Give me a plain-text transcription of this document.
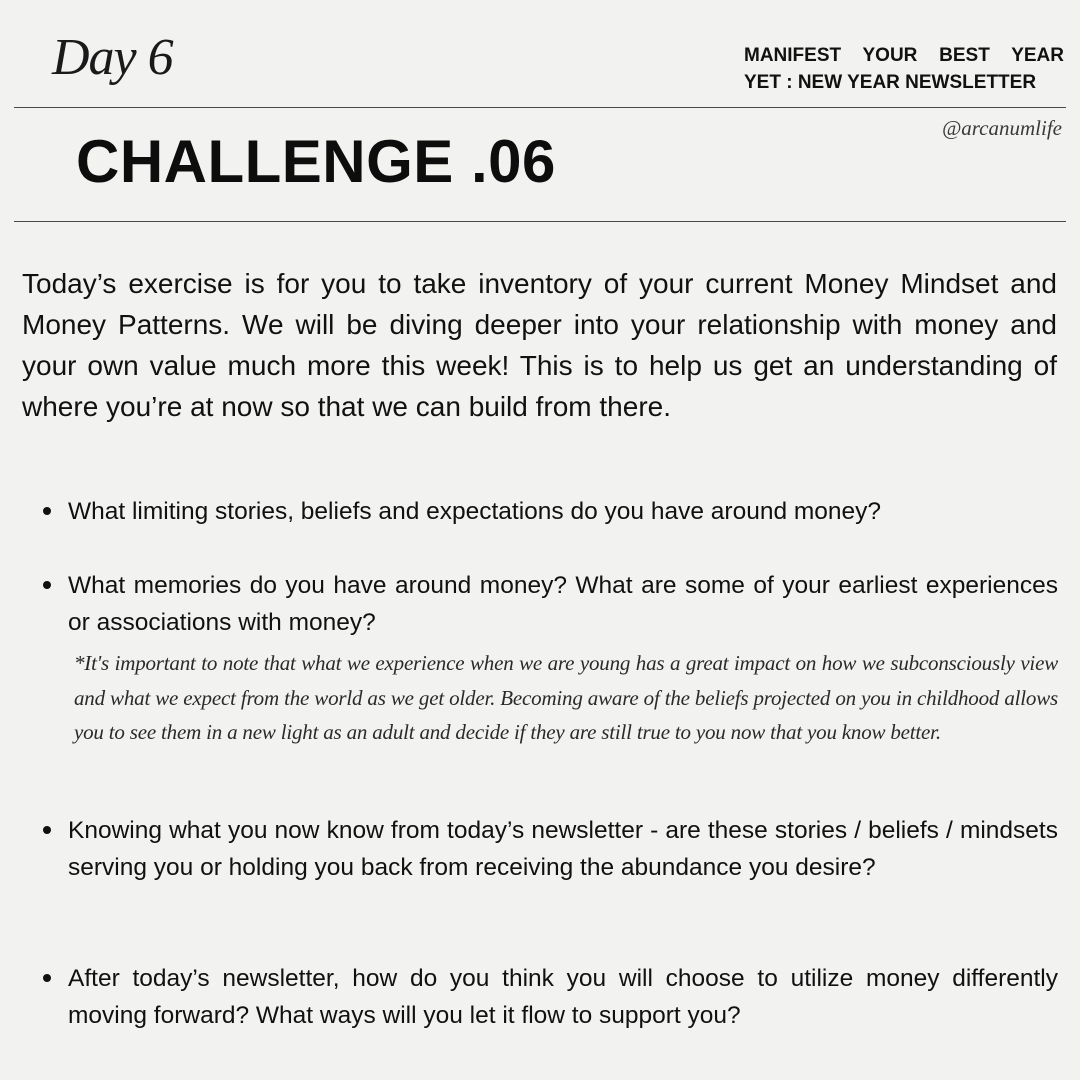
Day 6	MANIFEST YOUR BEST YEAR
YET : NEW YEAR NEWSLETTER
@arcanumlife
CHALLENGE .06

Today’s exercise is for you to take inventory of your current Money Mindset and Money Patterns. We will be diving deeper into your relationship with money and your own value much more this week! This is to help us get an understanding of where you’re at now so that we can build from there.

What limiting stories, beliefs and expectations do you have around money?
What memories do you have around money? What are some of your earliest experiences or associations with money?
Knowing what you now know from today’s newsletter - are these stories / beliefs / mindsets serving you or holding you back from receiving the abundance you desire?
After today’s newsletter, how do you think you will choose to utilize money differently moving forward? What ways will you let it flow to support you?

*It's important to note that what we experience when we are young has a great impact on how we subconsciously view and what we expect from the world as we get older. Becoming aware of the beliefs projected on you in childhood allows you to see them in a new light as an adult and decide if they are still true to you now that you know better.
